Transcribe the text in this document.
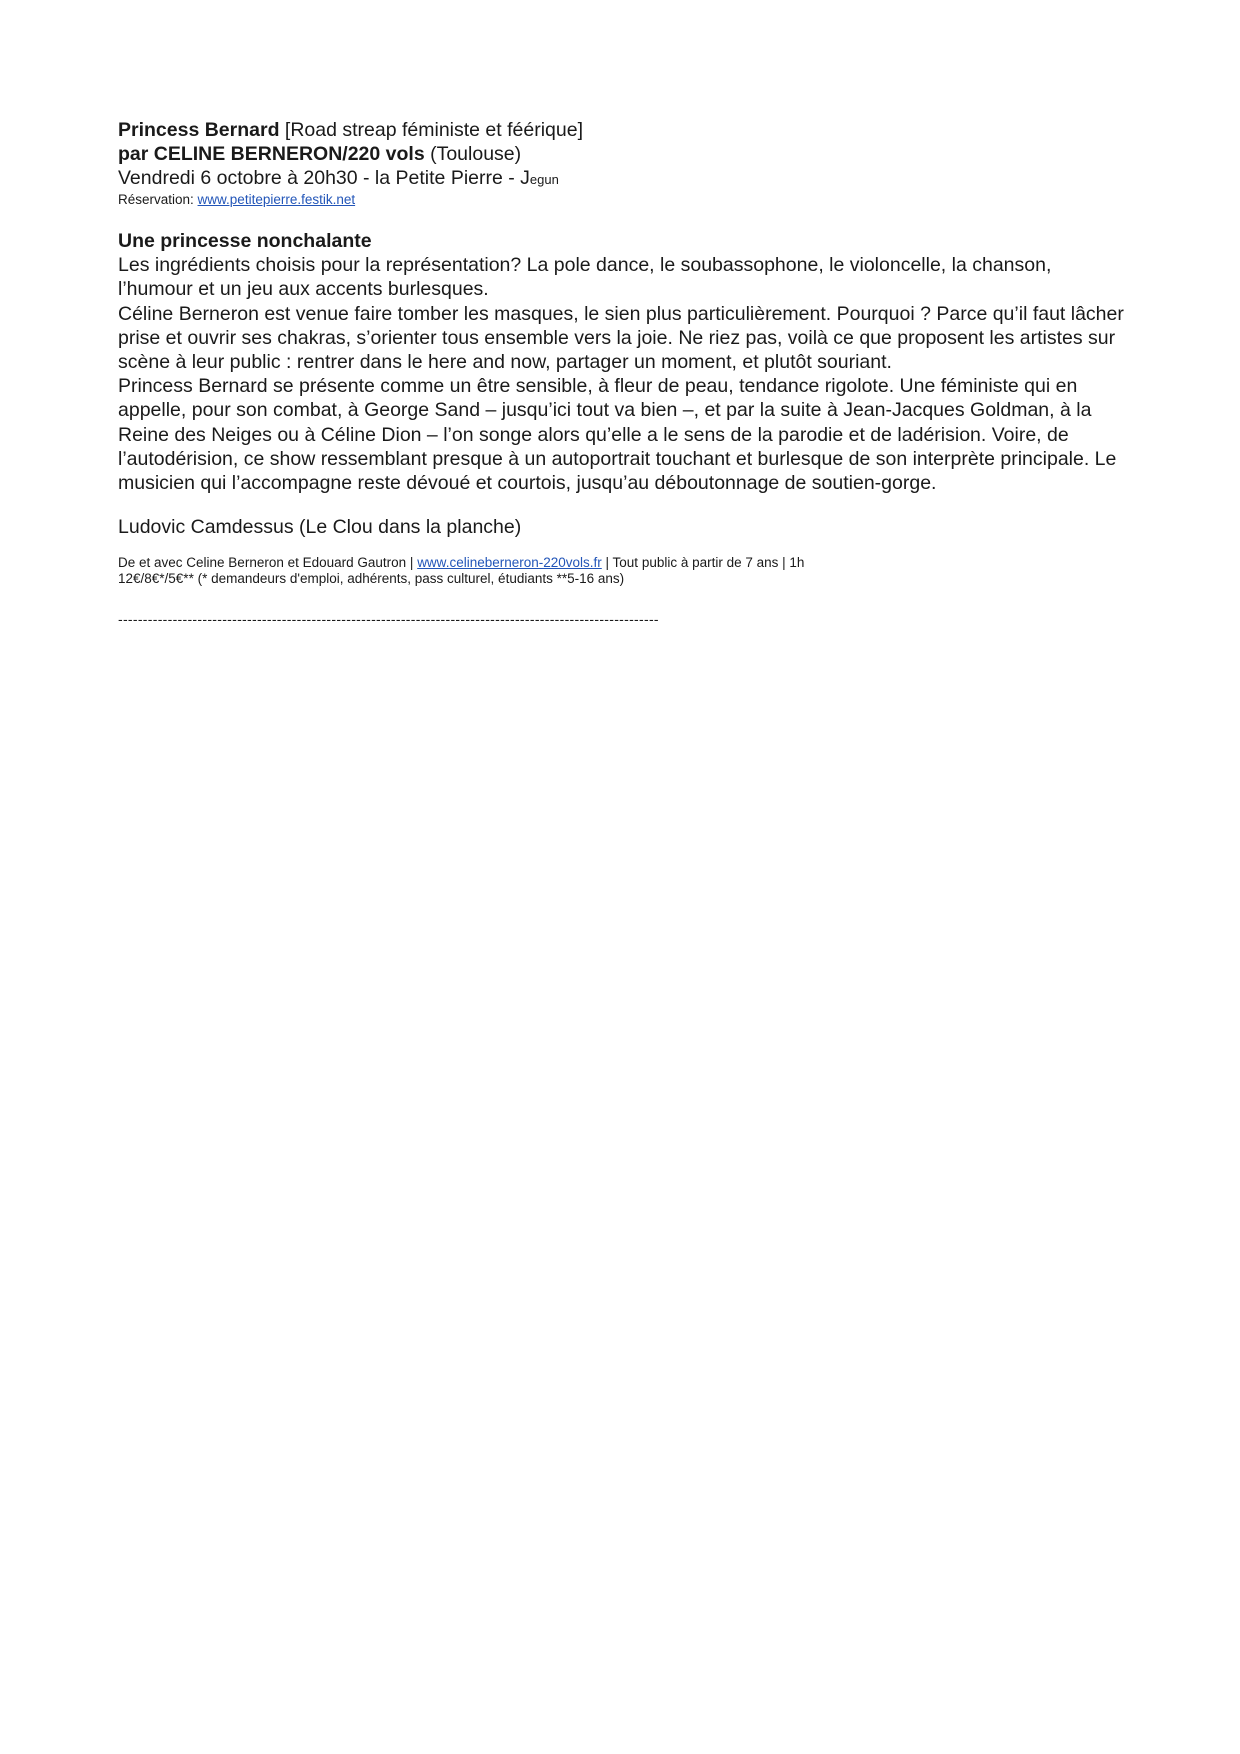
Princess Bernard [Road streap féministe et féérique]
par CELINE BERNERON/220 vols (Toulouse)
Vendredi 6 octobre à 20h30 - la Petite Pierre - Jegun
Réservation: www.petitepierre.festik.net
Une princesse nonchalante
Les ingrédients choisis pour la représentation? La pole dance, le soubassophone, le violoncelle, la chanson, l’humour et un jeu aux accents burlesques.
Céline Berneron est venue faire tomber les masques, le sien plus particulièrement. Pourquoi ? Parce qu’il faut lâcher prise et ouvrir ses chakras, s’orienter tous ensemble vers la joie. Ne riez pas, voilà ce que proposent les artistes sur scène à leur public : rentrer dans le here and now, partager un moment, et plutôt souriant.
Princess Bernard se présente comme un être sensible, à fleur de peau, tendance rigolote. Une féministe qui en appelle, pour son combat, à George Sand – jusqu’ici tout va bien –, et par la suite à Jean-Jacques Goldman, à la Reine des Neiges ou à Céline Dion – l’on songe alors qu’elle a le sens de la parodie et de ladérision. Voire, de l’autodérision, ce show ressemblant presque à un autoportrait touchant et burlesque de son interprète principale. Le musicien qui l’accompagne reste dévoué et courtois, jusqu’au déboutonnage de soutien-gorge.
Ludovic Camdessus (Le Clou dans la planche)
De et avec Celine Berneron et Edouard Gautron | www.celineberneron-220vols.fr | Tout public à partir de 7 ans | 1h
12€/8€*/5€** (* demandeurs d'emploi, adhérents, pass culturel, étudiants **5-16 ans)
-------------------------------------------------------------------------------------------------------------
